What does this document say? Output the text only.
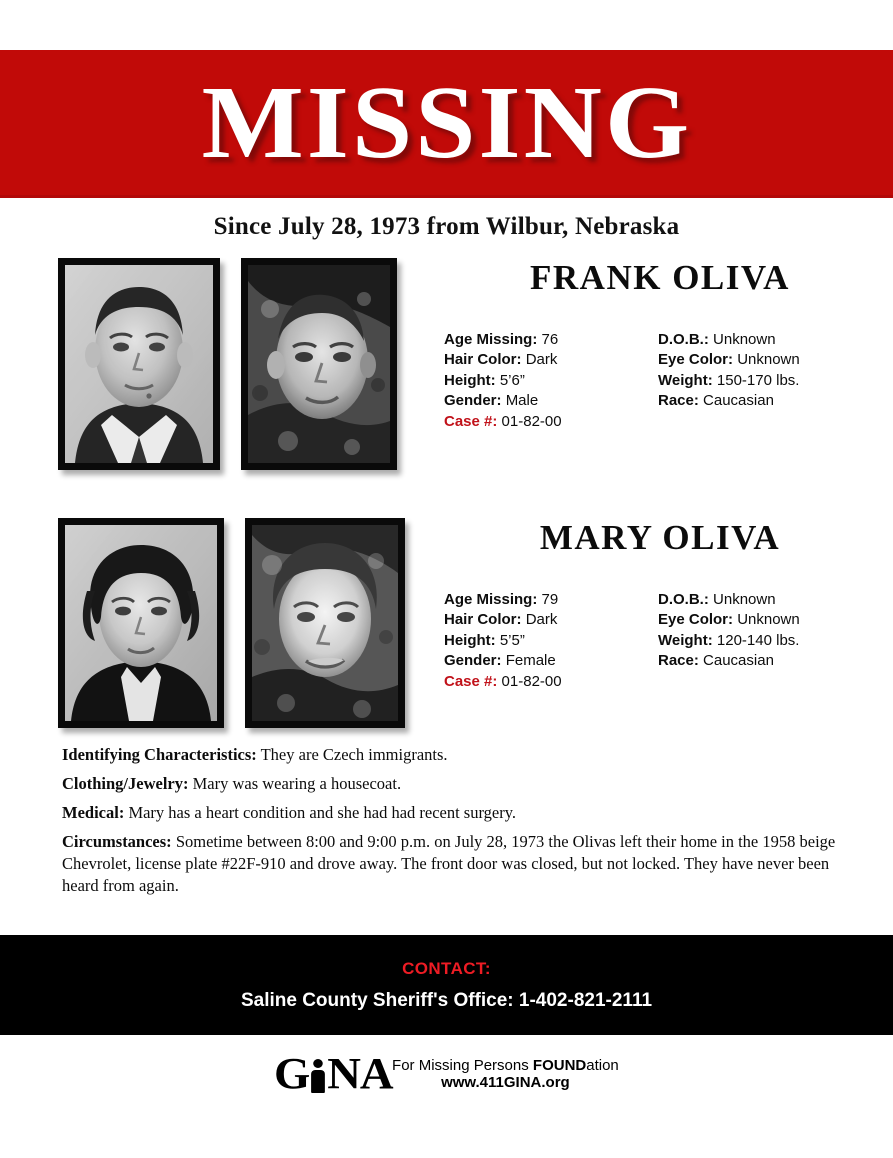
MISSING
Since July 28, 1973 from Wilbur, Nebraska

FRANK OLIVA
Age Missing: 76
Hair Color: Dark
Height: 5’6”
Gender: Male
Case #: 01-82-00
D.O.B.: Unknown
Eye Color: Unknown
Weight: 150-170 lbs.
Race: Caucasian

MARY OLIVA
Age Missing: 79
Hair Color: Dark
Height: 5’5”
Gender: Female
Case #: 01-82-00
D.O.B.: Unknown
Eye Color: Unknown
Weight: 120-140 lbs.
Race: Caucasian
Identifying Characteristics: They are Czech immigrants.
Clothing/Jewelry: Mary was wearing a housecoat.
Medical: Mary has a heart condition and she had had recent surgery.
Circumstances: Sometime between 8:00 and 9:00 p.m. on July 28, 1973 the Olivas left their home in the 1958 beige Chevrolet, license plate #22F-910 and drove away. The front door was closed, but not locked. They have never been heard from again.
CONTACT:
Saline County Sheriff's Office: 1-402-821-2111
G N A For Missing Persons FOUNDation
www.411GINA.org
